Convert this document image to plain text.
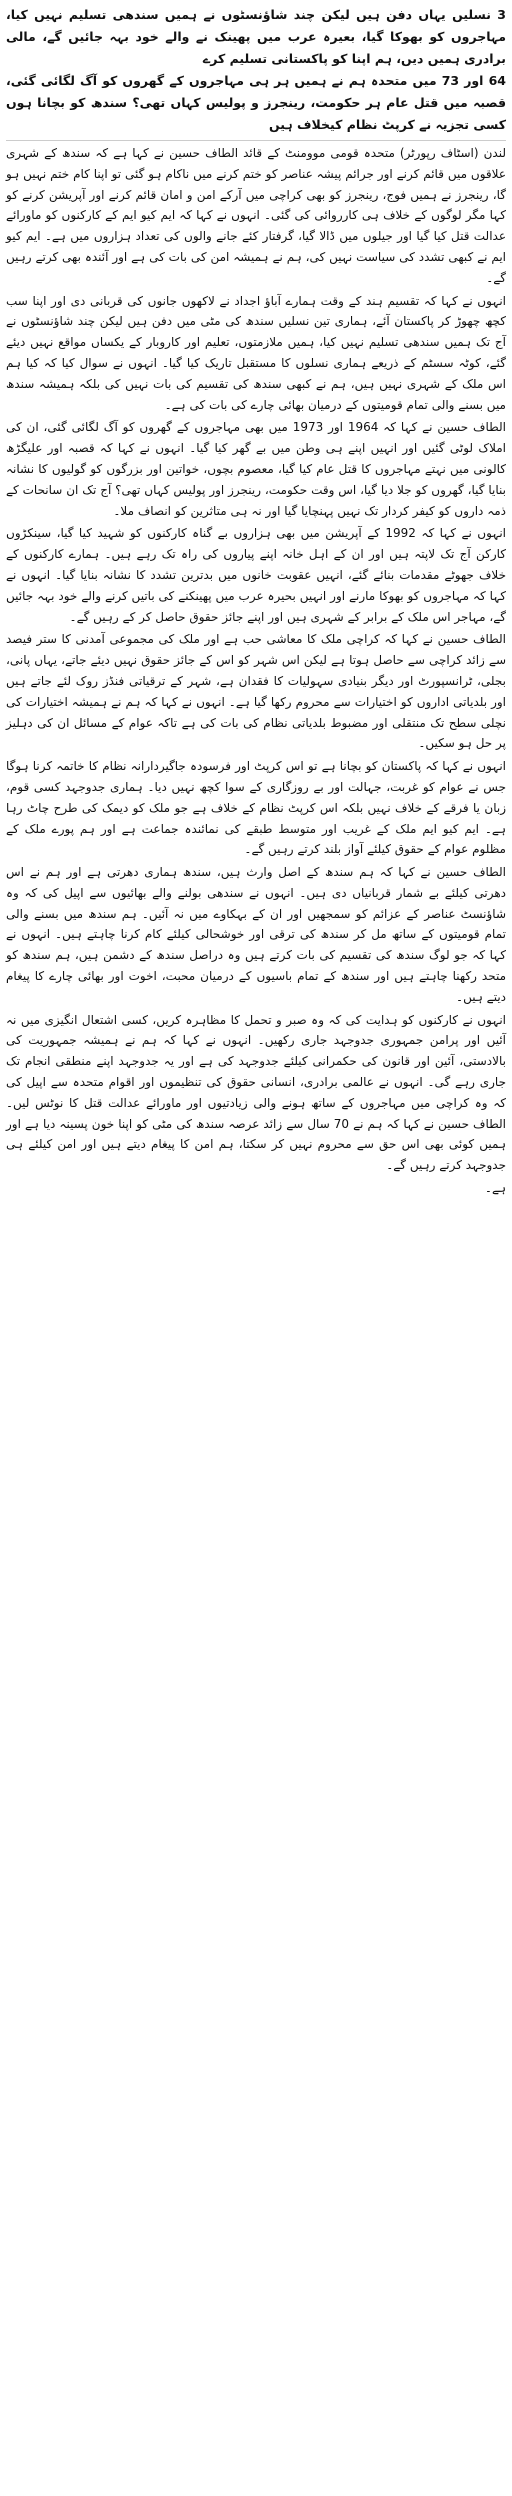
3 نسلیں یہاں دفن ہیں لیکن چند شاؤنسٹوں نے ہمیں سندھی تسلیم نہیں کیا، مہاجروں کو بھوکا گیا، بعیرہ عرب میں پھینک نے والے خود بہہ جائیں گے، مالی برادری ہمیں دیں، ہم اپنا کو پاکستانی تسلیم کرے
64 اور 73 میں متحدہ ہم نے ہمیں ہر ہی مہاجروں کے گھروں کو آگ لگائی گئی، قصبہ میں قتل عام ہر حکومت، رینجرز و پولیس کہاں تھی؟ سندھ کو بچانا ہوں کسی تجزیہ نے کرپٹ نظام کیخلاف ہیں

لندن (اسٹاف رپورٹر) متحدہ قومی موومنٹ کے قائد الطاف حسین نے کہا ہے کہ سندھ کے شہری علاقوں میں قائم کرنے اور جرائم پیشہ عناصر کو ختم کرنے میں ناکام ہو گئی تو اپنا کام ختم نہیں ہو گا، رینجرز نے ہمیں فوج، رینجرز کو بھی کراچی میں آرکے امن و امان قائم کرنے اور آپریشن کرنے کو کہا مگر لوگوں کے خلاف ہی کارروائی کی گئی۔ انہوں نے کہا کہ ایم کیو ایم کے کارکنوں کو ماورائے عدالت قتل کیا گیا اور جیلوں میں ڈالا گیا، گرفتار کئے جانے والوں کی تعداد ہزاروں میں ہے۔ ایم کیو ایم نے کبھی تشدد کی سیاست نہیں کی، ہم نے ہمیشہ امن کی بات کی ہے اور آئندہ بھی کرتے رہیں گے۔

انہوں نے کہا کہ تقسیم ہند کے وقت ہمارے آباؤ اجداد نے لاکھوں جانوں کی قربانی دی اور اپنا سب کچھ چھوڑ کر پاکستان آئے، ہماری تین نسلیں سندھ کی مٹی میں دفن ہیں لیکن چند شاؤنسٹوں نے آج تک ہمیں سندھی تسلیم نہیں کیا، ہمیں ملازمتوں، تعلیم اور کاروبار کے یکساں مواقع نہیں دیئے گئے، کوٹہ سسٹم کے ذریعے ہماری نسلوں کا مستقبل تاریک کیا گیا۔ انہوں نے سوال کیا کہ کیا ہم اس ملک کے شہری نہیں ہیں، ہم نے کبھی سندھ کی تقسیم کی بات نہیں کی بلکہ ہمیشہ سندھ میں بسنے والی تمام قومیتوں کے درمیان بھائی چارے کی بات کی ہے۔

الطاف حسین نے کہا کہ 1964 اور 1973 میں بھی مہاجروں کے گھروں کو آگ لگائی گئی، ان کی املاک لوٹی گئیں اور انہیں اپنے ہی وطن میں بے گھر کیا گیا۔ انہوں نے کہا کہ قصبہ اور علیگڑھ کالونی میں نہتے مہاجروں کا قتل عام کیا گیا، معصوم بچوں، خواتین اور بزرگوں کو گولیوں کا نشانہ بنایا گیا، گھروں کو جلا دیا گیا، اس وقت حکومت، رینجرز اور پولیس کہاں تھی؟ آج تک ان سانحات کے ذمہ داروں کو کیفر کردار تک نہیں پہنچایا گیا اور نہ ہی متاثرین کو انصاف ملا۔

انہوں نے کہا کہ 1992 کے آپریشن میں بھی ہزاروں بے گناہ کارکنوں کو شہید کیا گیا، سینکڑوں کارکن آج تک لاپتہ ہیں اور ان کے اہل خانہ اپنے پیاروں کی راہ تک رہے ہیں۔ ہمارے کارکنوں کے خلاف جھوٹے مقدمات بنائے گئے، انہیں عقوبت خانوں میں بدترین تشدد کا نشانہ بنایا گیا۔ انہوں نے کہا کہ مہاجروں کو بھوکا مارنے اور انہیں بحیرہ عرب میں پھینکنے کی باتیں کرنے والے خود بہہ جائیں گے، مہاجر اس ملک کے برابر کے شہری ہیں اور اپنے جائز حقوق حاصل کر کے رہیں گے۔

الطاف حسین نے کہا کہ کراچی ملک کا معاشی حب ہے اور ملک کی مجموعی آمدنی کا ستر فیصد سے زائد کراچی سے حاصل ہوتا ہے لیکن اس شہر کو اس کے جائز حقوق نہیں دیئے جاتے، یہاں پانی، بجلی، ٹرانسپورٹ اور دیگر بنیادی سہولیات کا فقدان ہے، شہر کے ترقیاتی فنڈز روک لئے جاتے ہیں اور بلدیاتی اداروں کو اختیارات سے محروم رکھا گیا ہے۔ انہوں نے کہا کہ ہم نے ہمیشہ اختیارات کی نچلی سطح تک منتقلی اور مضبوط بلدیاتی نظام کی بات کی ہے تاکہ عوام کے مسائل ان کی دہلیز پر حل ہو سکیں۔

انہوں نے کہا کہ پاکستان کو بچانا ہے تو اس کرپٹ اور فرسودہ جاگیردارانہ نظام کا خاتمہ کرنا ہوگا جس نے عوام کو غربت، جہالت اور بے روزگاری کے سوا کچھ نہیں دیا۔ ہماری جدوجہد کسی قوم، زبان یا فرقے کے خلاف نہیں بلکہ اس کرپٹ نظام کے خلاف ہے جو ملک کو دیمک کی طرح چاٹ رہا ہے۔ ایم کیو ایم ملک کے غریب اور متوسط طبقے کی نمائندہ جماعت ہے اور ہم پورے ملک کے مظلوم عوام کے حقوق کیلئے آواز بلند کرتے رہیں گے۔

الطاف حسین نے کہا کہ ہم سندھ کے اصل وارث ہیں، سندھ ہماری دھرتی ہے اور ہم نے اس دھرتی کیلئے بے شمار قربانیاں دی ہیں۔ انہوں نے سندھی بولنے والے بھائیوں سے اپیل کی کہ وہ شاؤنسٹ عناصر کے عزائم کو سمجھیں اور ان کے بہکاوے میں نہ آئیں۔ ہم سندھ میں بسنے والی تمام قومیتوں کے ساتھ مل کر سندھ کی ترقی اور خوشحالی کیلئے کام کرنا چاہتے ہیں۔ انہوں نے کہا کہ جو لوگ سندھ کی تقسیم کی بات کرتے ہیں وہ دراصل سندھ کے دشمن ہیں، ہم سندھ کو متحد رکھنا چاہتے ہیں اور سندھ کے تمام باسیوں کے درمیان محبت، اخوت اور بھائی چارے کا پیغام دیتے ہیں۔

انہوں نے کارکنوں کو ہدایت کی کہ وہ صبر و تحمل کا مظاہرہ کریں، کسی اشتعال انگیزی میں نہ آئیں اور پرامن جمہوری جدوجہد جاری رکھیں۔ انہوں نے کہا کہ ہم نے ہمیشہ جمہوریت کی بالادستی، آئین اور قانون کی حکمرانی کیلئے جدوجہد کی ہے اور یہ جدوجہد اپنے منطقی انجام تک جاری رہے گی۔ انہوں نے عالمی برادری، انسانی حقوق کی تنظیموں اور اقوام متحدہ سے اپیل کی کہ وہ کراچی میں مہاجروں کے ساتھ ہونے والی زیادتیوں اور ماورائے عدالت قتل کا نوٹس لیں۔ الطاف حسین نے کہا کہ ہم نے 70 سال سے زائد عرصہ سندھ کی مٹی کو اپنا خون پسینہ دیا ہے اور ہمیں کوئی بھی اس حق سے محروم نہیں کر سکتا، ہم امن کا پیغام دیتے ہیں اور امن کیلئے ہی جدوجہد کرتے رہیں گے۔

ہے۔
